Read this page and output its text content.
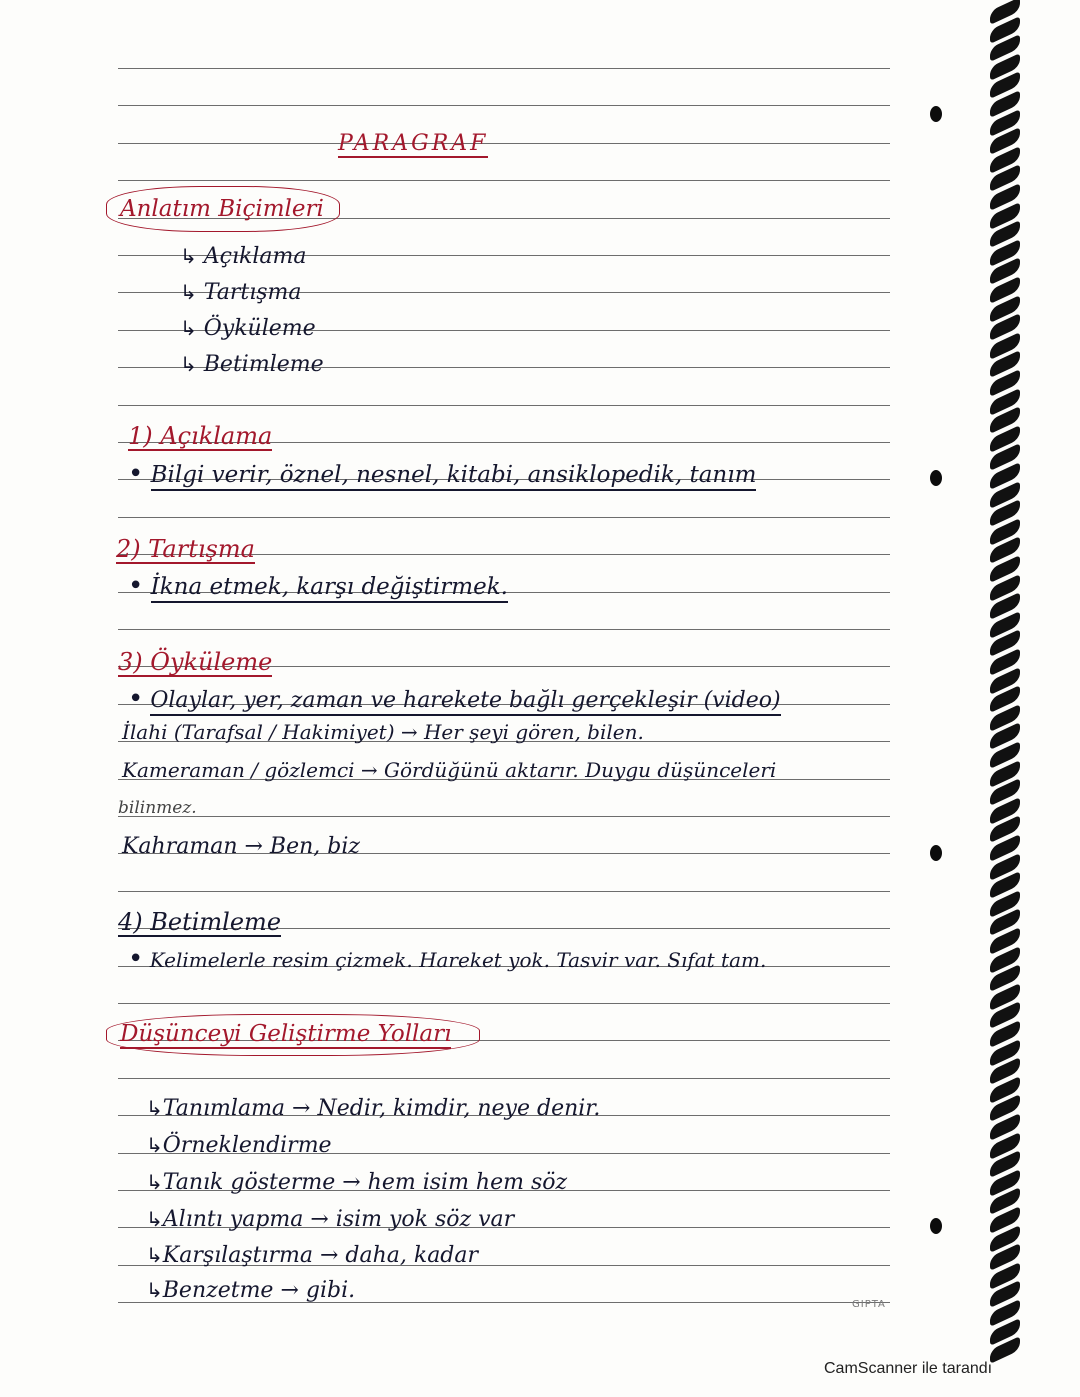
PARAGRAF
Anlatım Biçimleri
↳ Açıklama
↳ Tartışma
↳ Öyküleme
↳ Betimleme
1) Açıklama
• Bilgi verir, öznel, nesnel, kitabi, ansiklopedik, tanım
2) Tartışma
• İkna etmek, karşı değiştirmek.
3) Öyküleme
• Olaylar, yer, zaman ve harekete bağlı gerçekleşir (video)
İlahi (Tarafsal / Hakimiyet) → Her şeyi gören, bilen.
Kameraman / gözlemci → Gördüğünü aktarır. Duygu düşünceleri
bilinmez.
Kahraman → Ben, biz
4) Betimleme
• Kelimelerle resim çizmek. Hareket yok. Tasvir var. Sıfat tam.
Düşünceyi Geliştirme Yolları
↳Tanımlama → Nedir, kimdir, neye denir.
↳Örneklendirme
↳Tanık gösterme → hem isim hem söz
↳Alıntı yapma → isim yok söz var
↳Karşılaştırma → daha, kadar
↳Benzetme → gibi.
GIPTA
CamScanner ile tarandı
